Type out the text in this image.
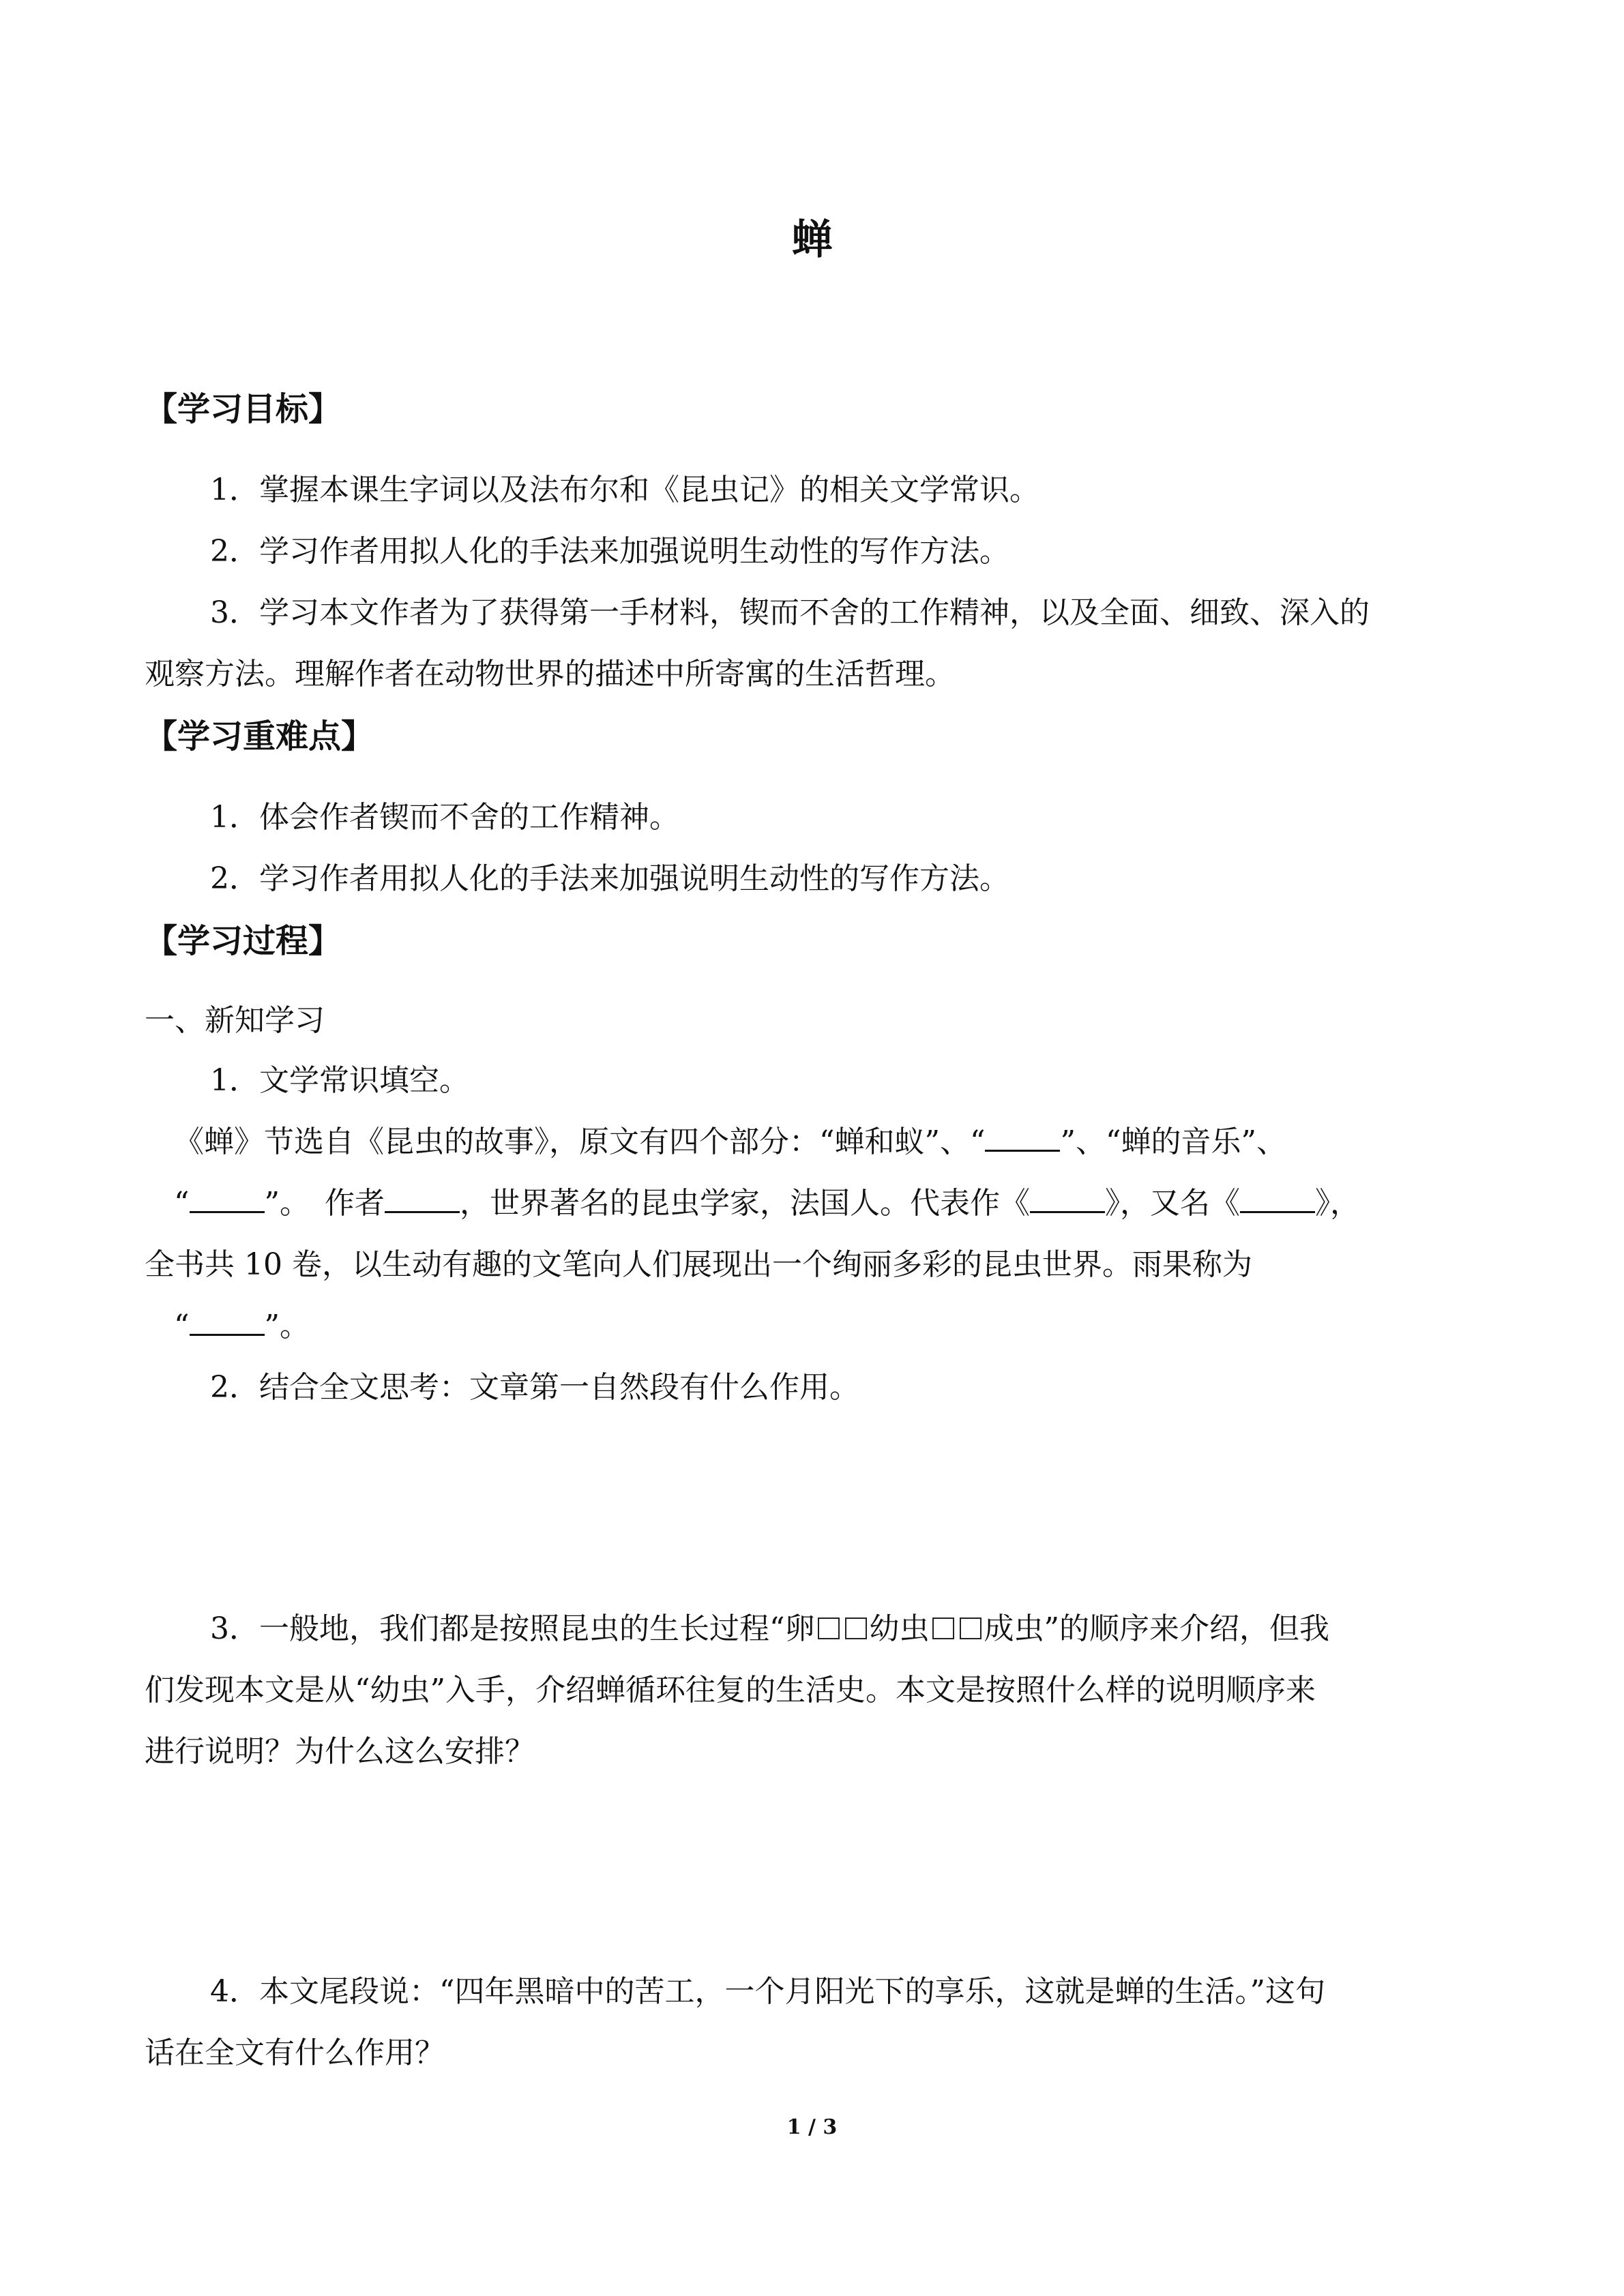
蝉
【学习目标】
1．掌握本课生字词以及法布尔和《昆虫记》的相关文学常识。
2．学习作者用拟人化的手法来加强说明生动性的写作方法。
3．学习本文作者为了获得第一手材料，锲而不舍的工作精神，以及全面、细致、深入的
观察方法。理解作者在动物世界的描述中所寄寓的生活哲理。
【学习重难点】
1．体会作者锲而不舍的工作精神。
2．学习作者用拟人化的手法来加强说明生动性的写作方法。
【学习过程】
一、新知学习
1．文学常识填空。
《蝉》节选自《昆虫的故事》，原文有四个部分：“蝉和蚁”、“	”、“蝉的音乐”、
“	”。　作者	，世界著名的昆虫学家，法国人。代表作《	》，又名《	》，
全书共 10 卷，以生动有趣的文笔向人们展现出一个绚丽多彩的昆虫世界。雨果称为
“	”。
2．结合全文思考：文章第一自然段有什么作用。
3．一般地，我们都是按照昆虫的生长过程“卵 幼虫 成虫”的顺序来介绍，但我
们发现本文是从“幼虫”入手，介绍蝉循环往复的生活史。本文是按照什么样的说明顺序来
进行说明？为什么这么安排？
4．本文尾段说：“四年黑暗中的苦工，一个月阳光下的享乐，这就是蝉的生活。”这句
话在全文有什么作用？
1 / 3
